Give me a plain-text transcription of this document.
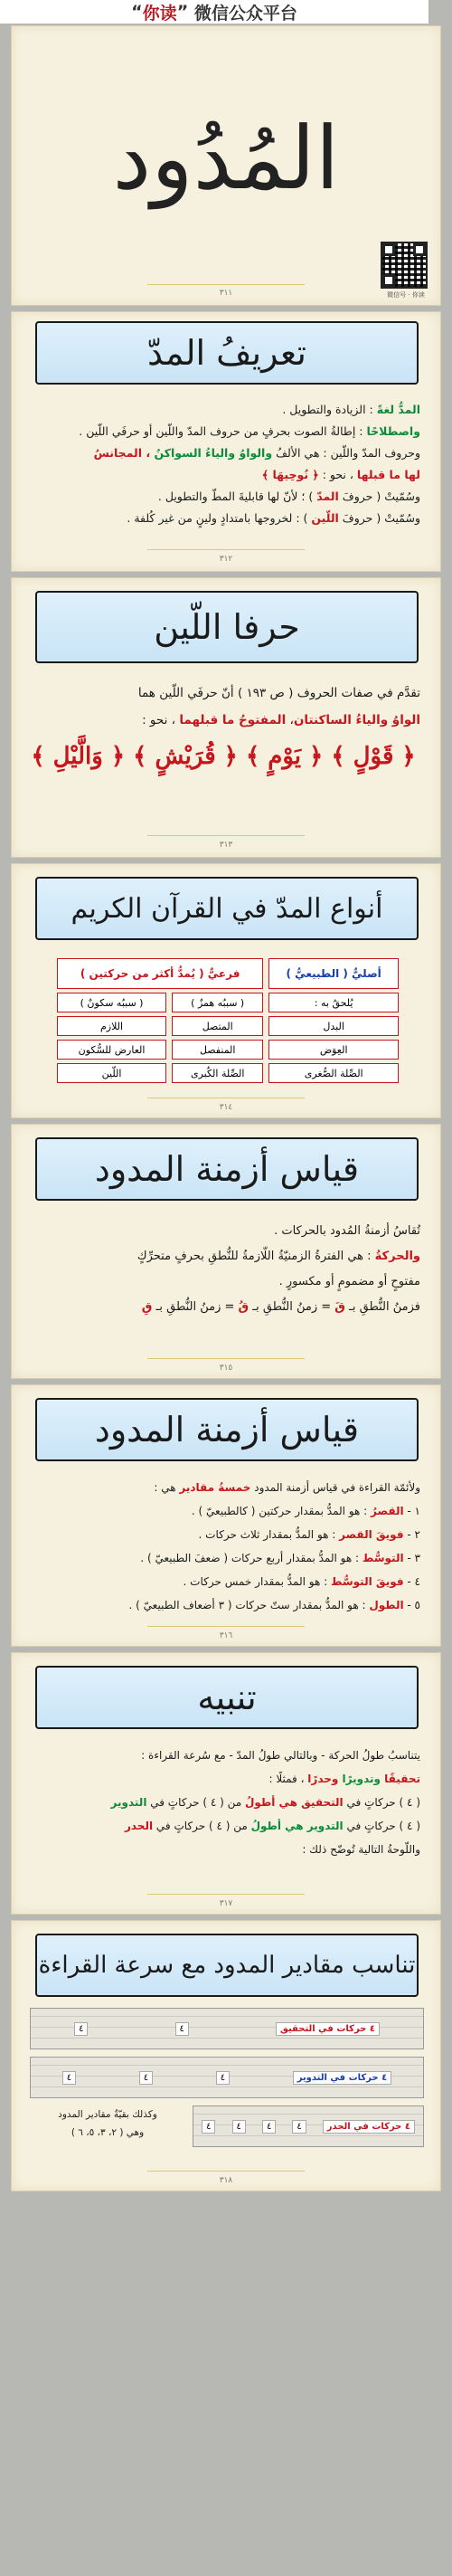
“ 你读 ”
微信公众平台
المُدُود
微信号 · 你读
٣١١
تعريفُ المدّ
المدُّ لغةً : الزيادة والتطويل .
واصطلاحًا : إطالةُ الصوت بحرفٍ من حروف المدّ واللّين أو حرفَي اللّين .
وحروف المدّ واللّين : هي الألفُ والواوُ والياءُ السواكنُ ، المجانسُ
لها ما قبلها ، نحو : ﴿ نُوحِيهَا ﴾
وسُمّيتْ ( حروفَ المدّ ) ؛ لأنّ لها قابليةَ المطّ والتطويل .
وسُمّيتْ ( حروفَ اللّين ) : لخروجها بامتدادٍ ولينٍ من غير كُلفة .
٣١٢
حرفا اللّين
تقدَّم في صفات الحروف ( ص ١٩٣ ) أنّ حرفَي اللّين هما
الواوُ والياءُ الساكنتان، المفتوحُ ما قبلهما ، نحو :
﴿ قَوْلٍ ﴾ ﴿ يَوْمٍ ﴾ ﴿ قُرَيْشٍ ﴾ ﴿ وَالَّيْلِ ﴾
٣١٣
أنواع المدّ في القرآن الكريم
أصليٌّ ( الطبيعيُّ )	فرعيٌّ ( يُمدُّ أكثر من حركتين )	
يُلحقُ به :	( سببُه همزٌ )	( سببُه سكونٌ )
البدل	المتصل	اللازم
العِوَض	المنفصل	العارض للسُّكون
الصِّلة الصُّغرى	الصِّلة الكُبرى	اللّين
٣١٤
قياس أزمنة المدود
تُقاسُ أزمنةُ المُدود بالحركات .
والحركةُ : هي الفترةُ الزمنيّةُ اللّازمةُ للنُّطقِ بحرفٍ متحرِّكٍ
مفتوحٍ أو مضمومٍ أو مكسورٍ .
فزمنُ النُّطقِ بـ قَ = زمنُ النُّطقِ بـ قُ = زمنُ النُّطقِ بـ قِ
٣١٥
قياس أزمنة المدود
ولأئمّة القراءة في قياس أزمنة المدود خمسةُ مقادير هي :
١ - القصرُ : هو المدُّ بمقدار حركتين ( كالطبيعيّ ) .
٢ - فويقَ القصر : هو المدُّ بمقدار ثلاث حركات .
٣ - التوسُّط : هو المدُّ بمقدار أربع حركات ( ضعفَ الطبيعيّ ) .
٤ - فويقَ التوسُّط : هو المدُّ بمقدار خمس حركات .
٥ - الطول : هو المدُّ بمقدار ستّ حركات ( ٣ أضعاف الطبيعيّ ) .
٣١٦
تنبيه
يتناسبُ طولُ الحركة - وبالتالي طولُ المدّ - مع سُرعة القراءة :
تحقيقًا وتدويرًا وحدرًا ، فمثلًا :
( ٤ ) حركاتٍ في التحقيق هي أطولُ من ( ٤ ) حركاتٍ في التدوير
( ٤ ) حركاتٍ في التدوير هي أطولُ من ( ٤ ) حركاتٍ في الحدر
واللّوحةُ التالية تُوضّح ذلك :
٣١٧
تناسب مقادير المدود مع سرعة القراءة
٤ حركات في التحقيق
٤
٤
٤ حركات في التدوير
٤
٤
٤
٤ حركات في الحدر
٤
٤
٤
٤
وكذلك بقيّةُ مقادير المدود
وهي ( ٢، ٣، ٥، ٦ )
٣١٨
